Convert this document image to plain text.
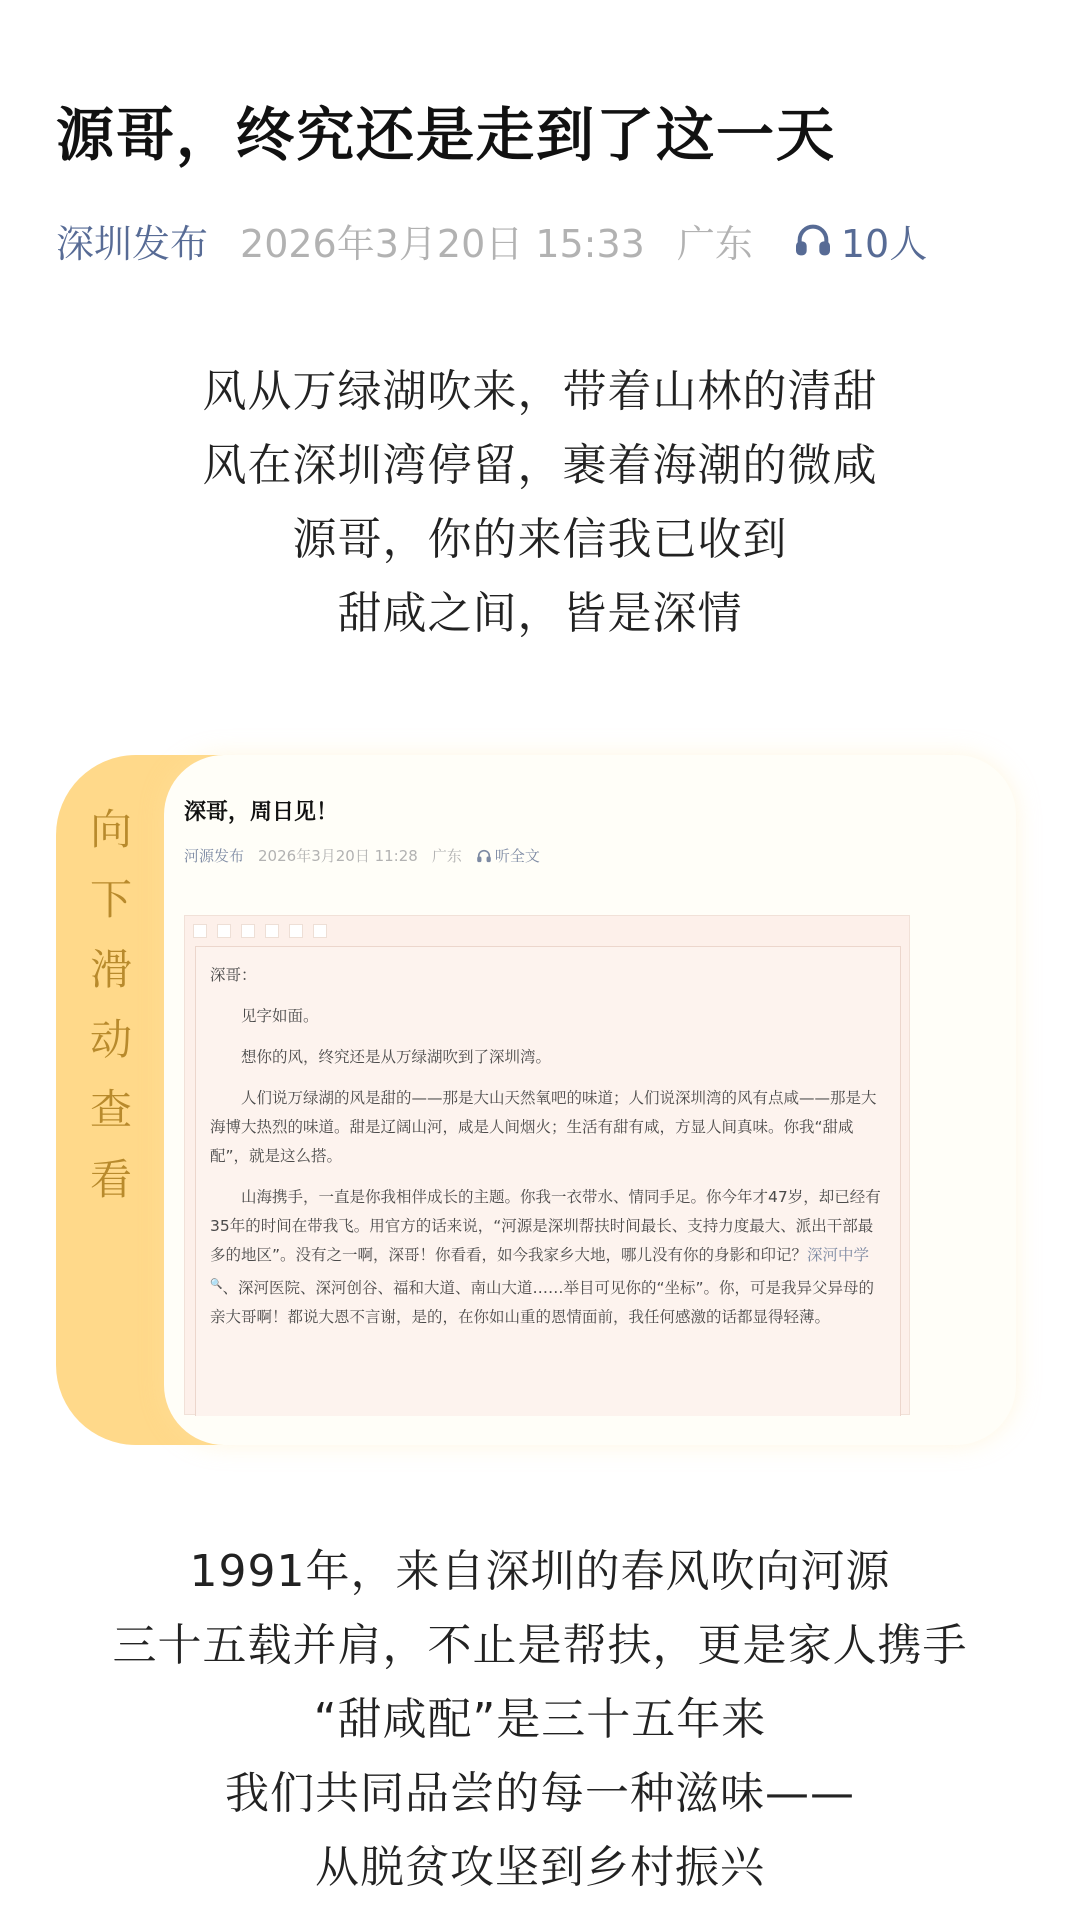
源哥，终究还是走到了这一天
深圳发布 2026年3月20日 15:33 广东 10人
风从万绿湖吹来，带着山林的清甜
风在深圳湾停留，裹着海潮的微咸
源哥，你的来信我已收到
甜咸之间，皆是深情
向
下
滑
动
查
看
深哥，周日见！
河源发布 2026年3月20日 11:28 广东 听全文

深哥：

见字如面。

想你的风，终究还是从万绿湖吹到了深圳湾。

人们说万绿湖的风是甜的——那是大山天然氧吧的味道；人们说深圳湾的风有点咸——那是大海博大热烈的味道。甜是辽阔山河，咸是人间烟火；生活有甜有咸，方显人间真味。你我“甜咸配”，就是这么搭。

山海携手，一直是你我相伴成长的主题。你我一衣带水、情同手足。你今年才47岁，却已经有35年的时间在带我飞。用官方的话来说，“河源是深圳帮扶时间最长、支持力度最大、派出干部最多的地区”。没有之一啊，深哥！你看看，如今我家乡大地，哪儿没有你的身影和印记？深河中学🔍、深河医院、深河创谷、福和大道、南山大道……举目可见你的“坐标”。你，可是我异父异母的亲大哥啊！都说大恩不言谢，是的，在你如山重的恩情面前，我任何感激的话都显得轻薄。

1991年，来自深圳的春风吹向河源
三十五载并肩，不止是帮扶，更是家人携手
“甜咸配”是三十五年来
我们共同品尝的每一种滋味——
从脱贫攻坚到乡村振兴
